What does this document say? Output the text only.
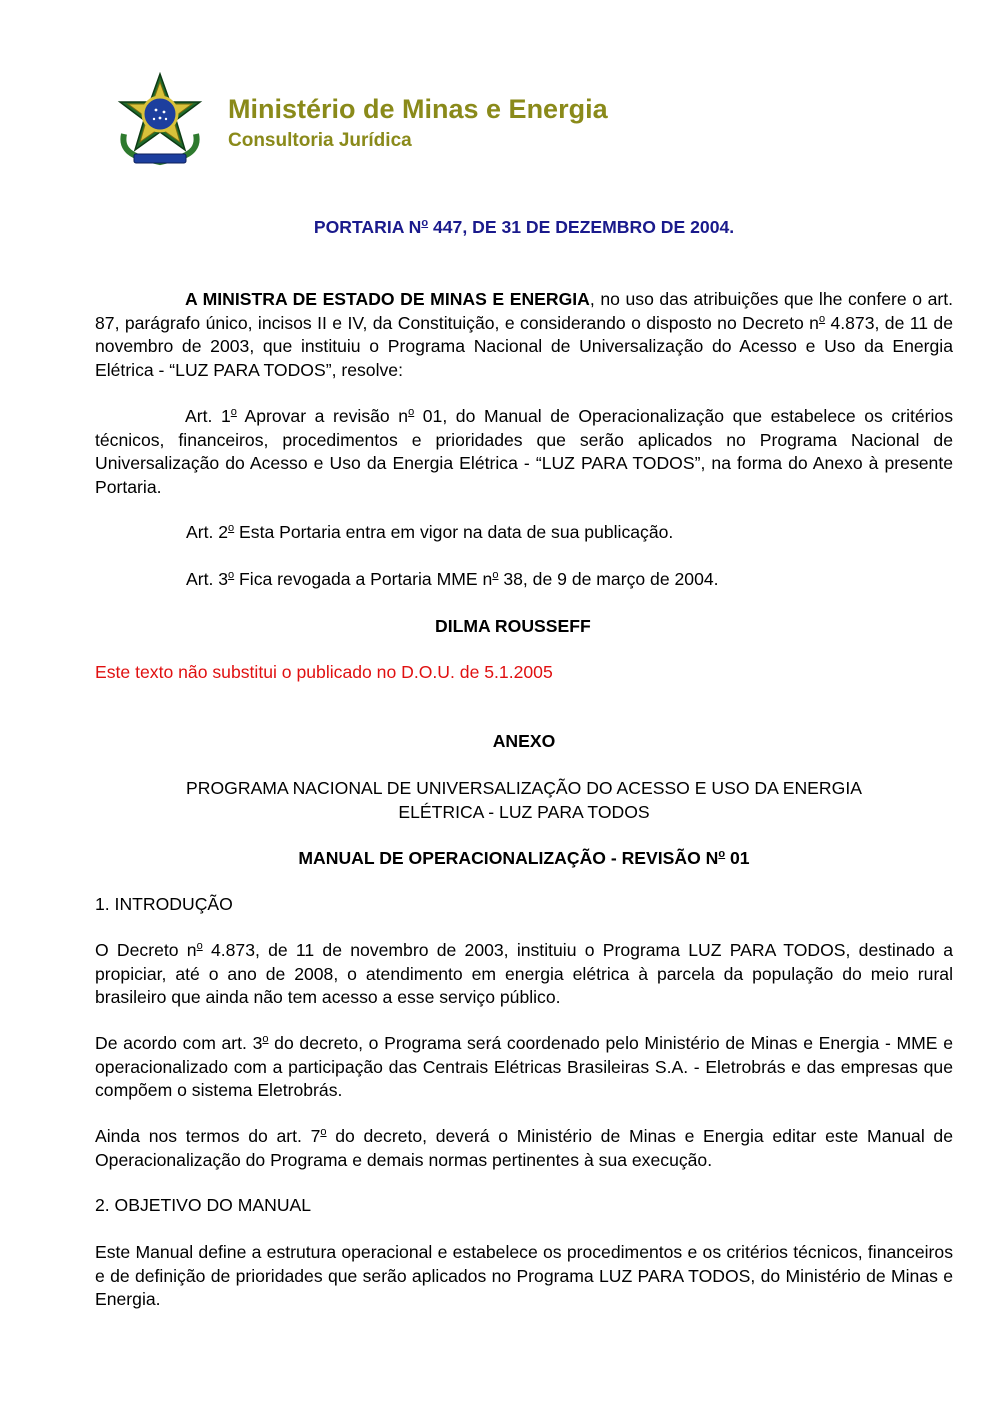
Ministério de Minas e Energia
Consultoria Jurídica
PORTARIA $N^o$ 447, DE 31 DE DEZEMBRO DE 2004.
A MINISTRA DE ESTADO DE MINAS E ENERGIA, no uso das atribuições que lhe confere o art. 87, parágrafo único, incisos II e IV, da Constituição, e considerando o disposto no Decreto $n^o$ 4.873, de 11 de novembro de 2003, que instituiu o Programa Nacional de Universalização do Acesso e Uso da Energia Elétrica - “LUZ PARA TODOS”, resolve:
Art. 1$^o$ Aprovar a revisão $n^o$ 01, do Manual de Operacionalização que estabelece os critérios técnicos, financeiros, procedimentos e prioridades que serão aplicados no Programa Nacional de Universalização do Acesso e Uso da Energia Elétrica - “LUZ PARA TODOS”, na forma do Anexo à presente Portaria.
Art. 2$^o$ Esta Portaria entra em vigor na data de sua publicação.
Art. 3$^o$ Fica revogada a Portaria MME $n^o$ 38, de 9 de março de 2004.
DILMA ROUSSEFF
Este texto não substitui o publicado no D.O.U. de 5.1.2005
ANEXO
PROGRAMA NACIONAL DE UNIVERSALIZAÇÃO DO ACESSO E USO DA ENERGIA
ELÉTRICA - LUZ PARA TODOS
MANUAL DE OPERACIONALIZAÇÃO - REVISÃO $N^o$ 01
1. INTRODUÇÃO
O Decreto $n^o$ 4.873, de 11 de novembro de 2003, instituiu o Programa LUZ PARA TODOS, destinado a propiciar, até o ano de 2008, o atendimento em energia elétrica à parcela da população do meio rural brasileiro que ainda não tem acesso a esse serviço público.
De acordo com art. 3$^o$ do decreto, o Programa será coordenado pelo Ministério de Minas e Energia - MME e operacionalizado com a participação das Centrais Elétricas Brasileiras S.A. - Eletrobrás e das empresas que compõem o sistema Eletrobrás.
Ainda nos termos do art. 7$^o$ do decreto, deverá o Ministério de Minas e Energia editar este Manual de Operacionalização do Programa e demais normas pertinentes à sua execução.
2. OBJETIVO DO MANUAL
Este Manual define a estrutura operacional e estabelece os procedimentos e os critérios técnicos, financeiros e de definição de prioridades que serão aplicados no Programa LUZ PARA TODOS, do Ministério de Minas e Energia.
